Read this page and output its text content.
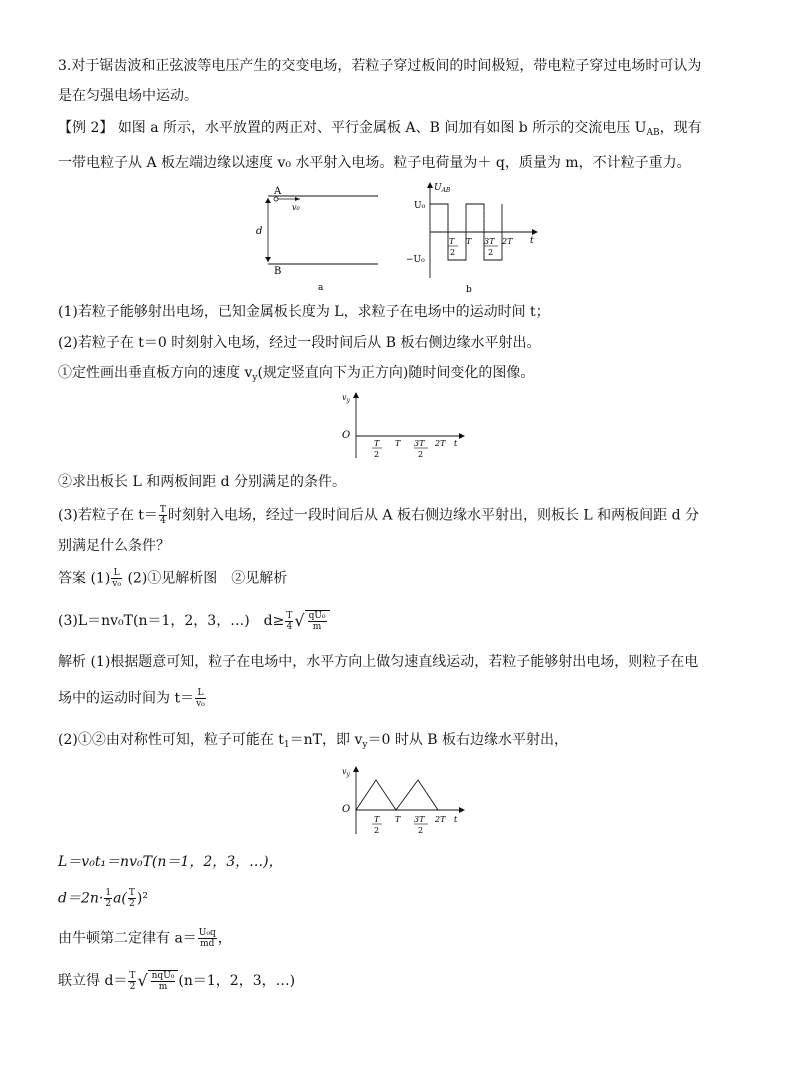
3.对于锯齿波和正弦波等电压产生的交变电场，若粒子穿过板间的时间极短，带电粒子穿过电场时可认为
是在匀强电场中运动。
【例 2】 如图 a 所示，水平放置的两正对、平行金属板 A、B 间加有如图 b 所示的交流电压 $U_{AB}$，现有
一带电粒子从 A 板左端边缘以速度 v₀ 水平射入电场。粒子电荷量为＋ q，质量为 m，不计粒子重力。
A
B
d
v₀
a
$U_{AB}$
U₀
−U₀
t
T
2
T 3T
2
2T
b
(1)若粒子能够射出电场，已知金属板长度为 L，求粒子在电场中的运动时间 t；
(2)若粒子在 t＝0 时刻射入电场，经过一段时间后从 B 板右侧边缘水平射出。
①定性画出垂直板方向的速度 $v_y$(规定竖直向下为正方向)随时间变化的图像。
$v_y$
O
T
2
T 3T
2
2T t
②求出板长 L 和两板间距 d 分别满足的条件。
(3)若粒子在 $t= \frac{T}{4}$ 时刻射入电场，经过一段时间后从 A 板右侧边缘水平射出，则板长 L 和两板间距 d 分
别满足什么条件？
答案 $(1) \frac{L}{\text{v₀}}$ (2)①见解析图　②见解析
(3)L＝nv₀T(n＝1，2，3，…)　$d\ge \frac{T}{4}$ √ $\frac{\text{qU₀}}{m}$
解析 (1)根据题意可知，粒子在电场中，水平方向上做匀速直线运动，若粒子能够射出电场，则粒子在电
场中的运动时间为 $t= \frac{L}{\text{v₀}}$
(2)①②由对称性可知，粒子可能在 $t_1=nT$，即 $v_y=0$ 时从 B 板右边缘水平射出，
$v_y$
O
T
2
T 3T
2
2T t
L＝v₀t₁＝nv₀T(n＝1，2，3，…)，
$d=2n\cdot \frac{1}{2} a( \frac{T}{2} )^2$
由牛顿第二定律有 $a= \frac{\text{U₀q}}{md}$ ，
联立得 $d= \frac{T}{2}$ √ $\frac{\text{nqU₀}}{m} (n=1$，2，3，…)
